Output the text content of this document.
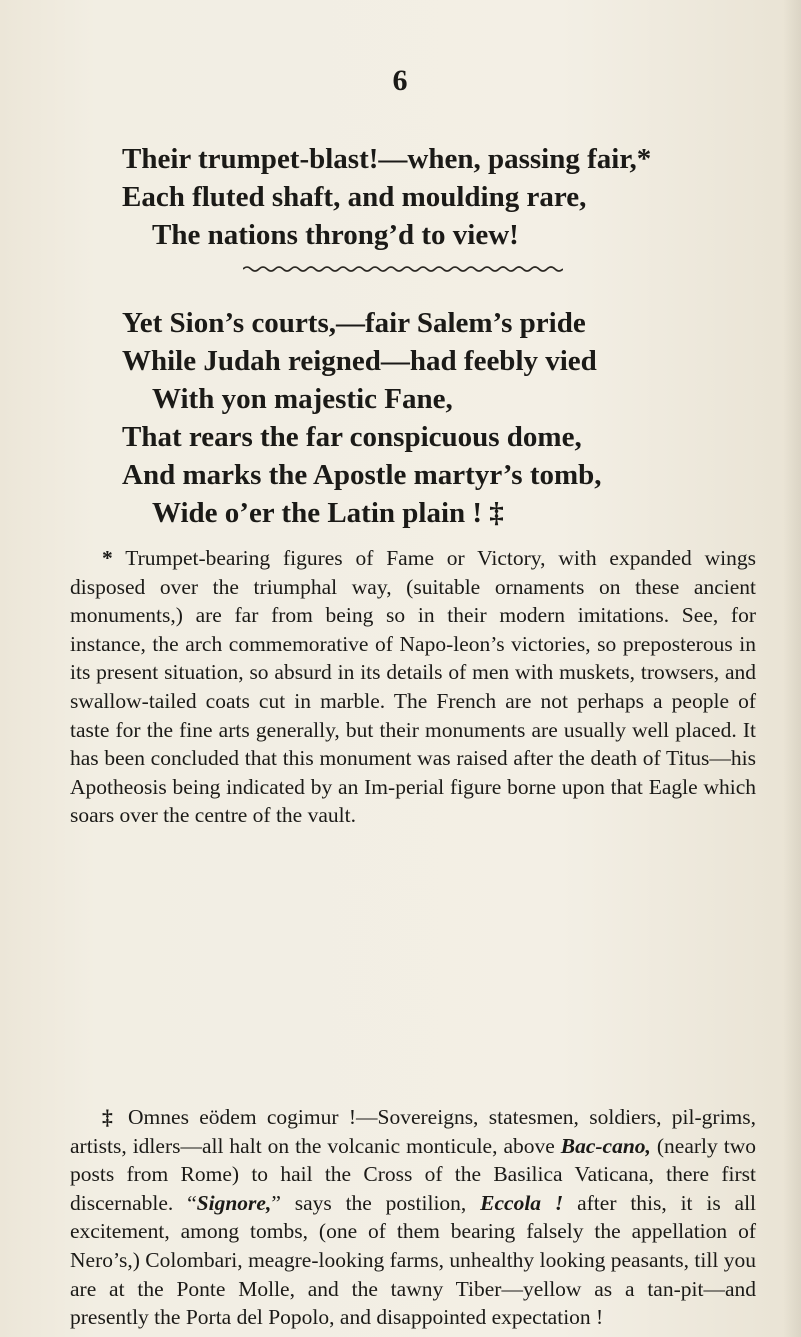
6
Their trumpet-blast!—when, passing fair,*
Each fluted shaft, and moulding rare,
The nations throng’d to view!
Yet Sion’s courts,—fair Salem’s pride
While Judah reigned—had feebly vied
With yon majestic Fane,
That rears the far conspicuous dome,
And marks the Apostle martyr’s tomb,
Wide o’er the Latin plain ! ‡

* Trumpet-bearing figures of Fame or Victory, with expanded wings disposed over the triumphal way, (suitable ornaments on these ancient monuments,) are far from being so in their modern imitations. See, for instance, the arch commemorative of Napo-leon’s victories, so preposterous in its present situation, so absurd in its details of men with muskets, trowsers, and swallow-tailed coats cut in marble. The French are not perhaps a people of taste for the fine arts generally, but their monuments are usually well placed. It has been concluded that this monument was raised after the death of Titus—his Apotheosis being indicated by an Im-perial figure borne upon that Eagle which soars over the centre of the vault.

‡ Omnes eödem cogimur !—Sovereigns, statesmen, soldiers, pil-grims, artists, idlers—all halt on the volcanic monticule, above Bac-cano, (nearly two posts from Rome) to hail the Cross of the Basilica Vaticana, there first discernable. “Signore,” says the postilion, Eccola ! after this, it is all excitement, among tombs, (one of them bearing falsely the appellation of Nero’s,) Colombari, meagre-looking farms, unhealthy looking peasants, till you are at the Ponte Molle, and the tawny Tiber—yellow as a tan-pit—and presently the Porta del Popolo, and disappointed expectation !
